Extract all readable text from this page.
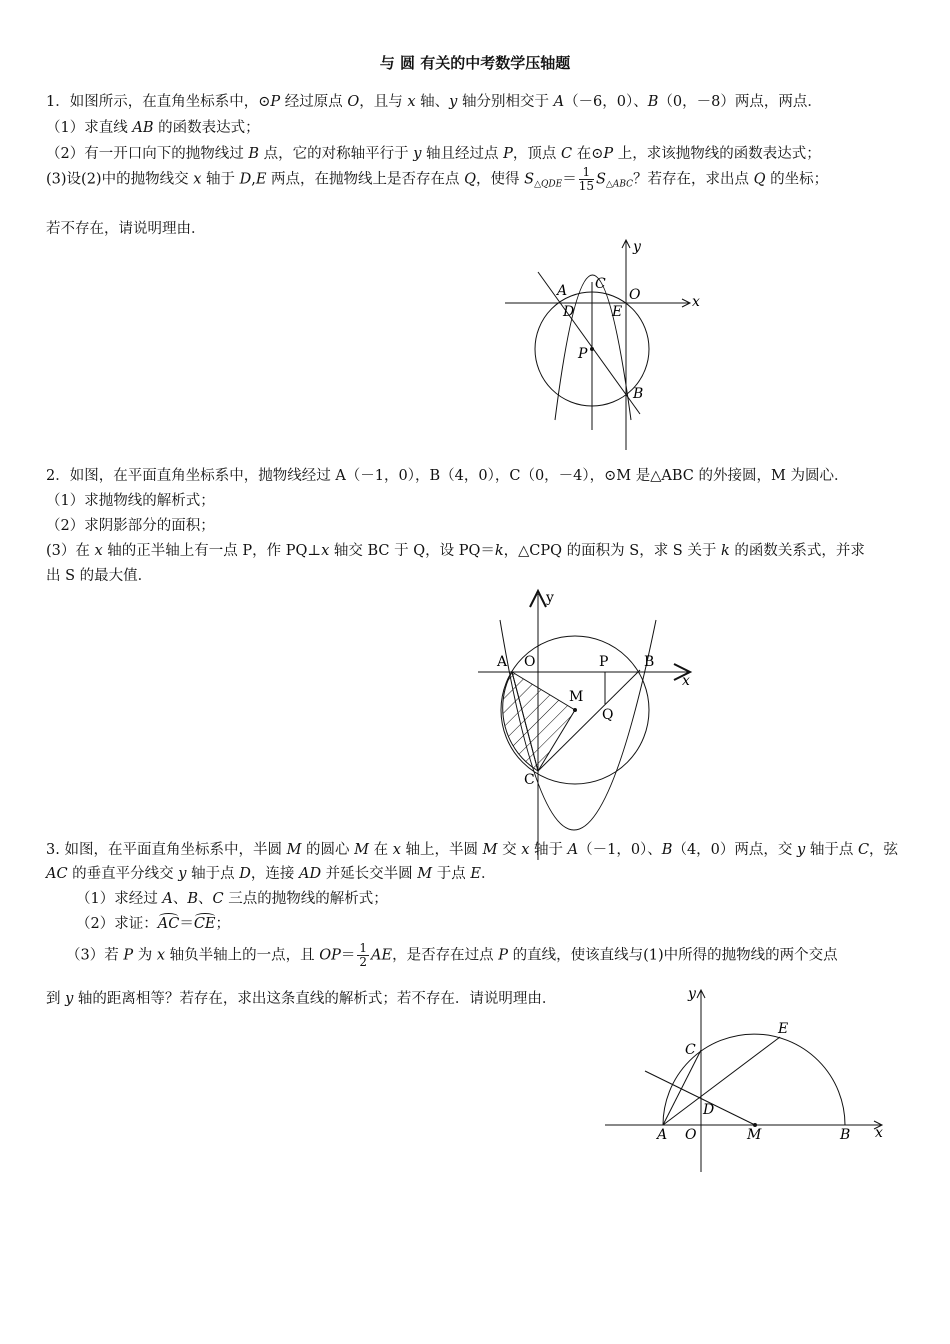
与 圆 有关的中考数学压轴题
1．如图所示，在直角坐标系中，⊙P 经过原点 O，且与 x 轴、y 轴分别相交于 A（－6，0）、B（0，－8）两点，两点．
（1）求直线 AB 的函数表达式；
（2）有一开口向下的抛物线过 B 点，它的对称轴平行于 y 轴且经过点 P，顶点 C 在⊙P 上，求该抛物线的函数表达式；
(3)设(2)中的抛物线交 x 轴于 D,E 两点，在抛物线上是否存在点 Q，使得 $S_{\triangle QDE}= \frac{1}{15} S_{\triangle ABC}$？若存在，求出点 Q 的坐标；
若不存在，请说明理由．
y
x
A C
O
D	E
P
B
2．如图，在平面直角坐标系中，抛物线经过 A（－1，0），B（4，0），C（0，－4），⊙M 是△ABC 的外接圆，M 为圆心．
（1）求抛物线的解析式；
（2）求阴影部分的面积；
(3）在 x 轴的正半轴上有一点 P，作 PQ⊥x 轴交 BC 于 Q，设 PQ＝k，△CPQ 的面积为 S，求 S 关于 k 的函数关系式，并求
出 S 的最大值．
y
x
A O	P	B
M
Q
C
3. 如图，在平面直角坐标系中，半圆 M 的圆心 M 在 x 轴上，半圆 M 交 x 轴于 A（－1，0）、B（4，0）两点，交 y 轴于点 C，弦
AC 的垂直平分线交 y 轴于点 D，连接 AD 并延长交半圆 M 于点 E．
（1）求经过 A、B、C 三点的抛物线的解析式；
（2）求证：AC＝CE；
（3）若 P 为 x 轴负半轴上的一点，且 $OP= \frac{1}{2}$ AE，是否存在过点 P 的直线，使该直线与(1)中所得的抛物线的两个交点
到 y 轴的距离相等？若存在，求出这条直线的解析式；若不存在．请说明理由．	y
x
C
E
D
A O	M	B
